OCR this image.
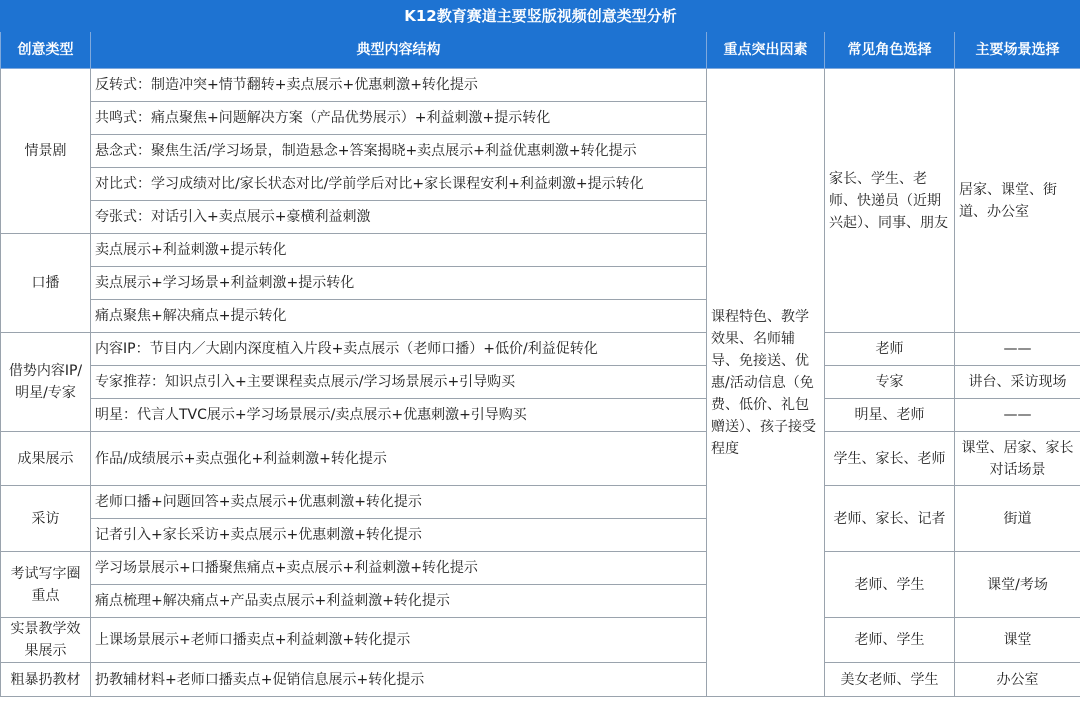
K12教育赛道主要竖版视频创意类型分析				
创意类型	典型内容结构	重点突出因素	常见角色选择	主要场景选择
情景剧	反转式：制造冲突+情节翻转+卖点展示+优惠刺激+转化提示	课程特色、教学效果、名师辅导、免接送、优惠/活动信息（免费、低价、礼包赠送）、孩子接受程度	家长、学生、老师、快递员（近期兴起）、同事、朋友	居家、课堂、街道、办公室
	共鸣式：痛点聚焦+问题解决方案（产品优势展示）+利益刺激+提示转化			
	悬念式：聚焦生活/学习场景，制造悬念+答案揭晓+卖点展示+利益优惠刺激+转化提示			
	对比式：学习成绩对比/家长状态对比/学前学后对比+家长课程安利+利益刺激+提示转化			
	夸张式：对话引入+卖点展示+豪横利益刺激			
口播	卖点展示+利益刺激+提示转化			
	卖点展示+学习场景+利益刺激+提示转化			
	痛点聚焦+解决痛点+提示转化			
借势内容IP/明星/专家	内容IP：节目内／大剧内深度植入片段+卖点展示（老师口播）+低价/利益促转化		老师	——
	专家推荐：知识点引入+主要课程卖点展示/学习场景展示+引导购买		专家	讲台、采访现场
	明星：代言人TVC展示+学习场景展示/卖点展示+优惠刺激+引导购买		明星、老师	——
成果展示	作品/成绩展示+卖点强化+利益刺激+转化提示		学生、家长、老师	课堂、居家、家长对话场景
采访	老师口播+问题回答+卖点展示+优惠刺激+转化提示		老师、家长、记者	街道
	记者引入+家长采访+卖点展示+优惠刺激+转化提示			
考试写字圈重点	学习场景展示+口播聚焦痛点+卖点展示+利益刺激+转化提示		老师、学生	课堂/考场
	痛点梳理+解决痛点+产品卖点展示+利益刺激+转化提示			
实景教学效果展示	上课场景展示+老师口播卖点+利益刺激+转化提示		老师、学生	课堂
粗暴扔教材	扔教辅材料+老师口播卖点+促销信息展示+转化提示		美女老师、学生	办公室
